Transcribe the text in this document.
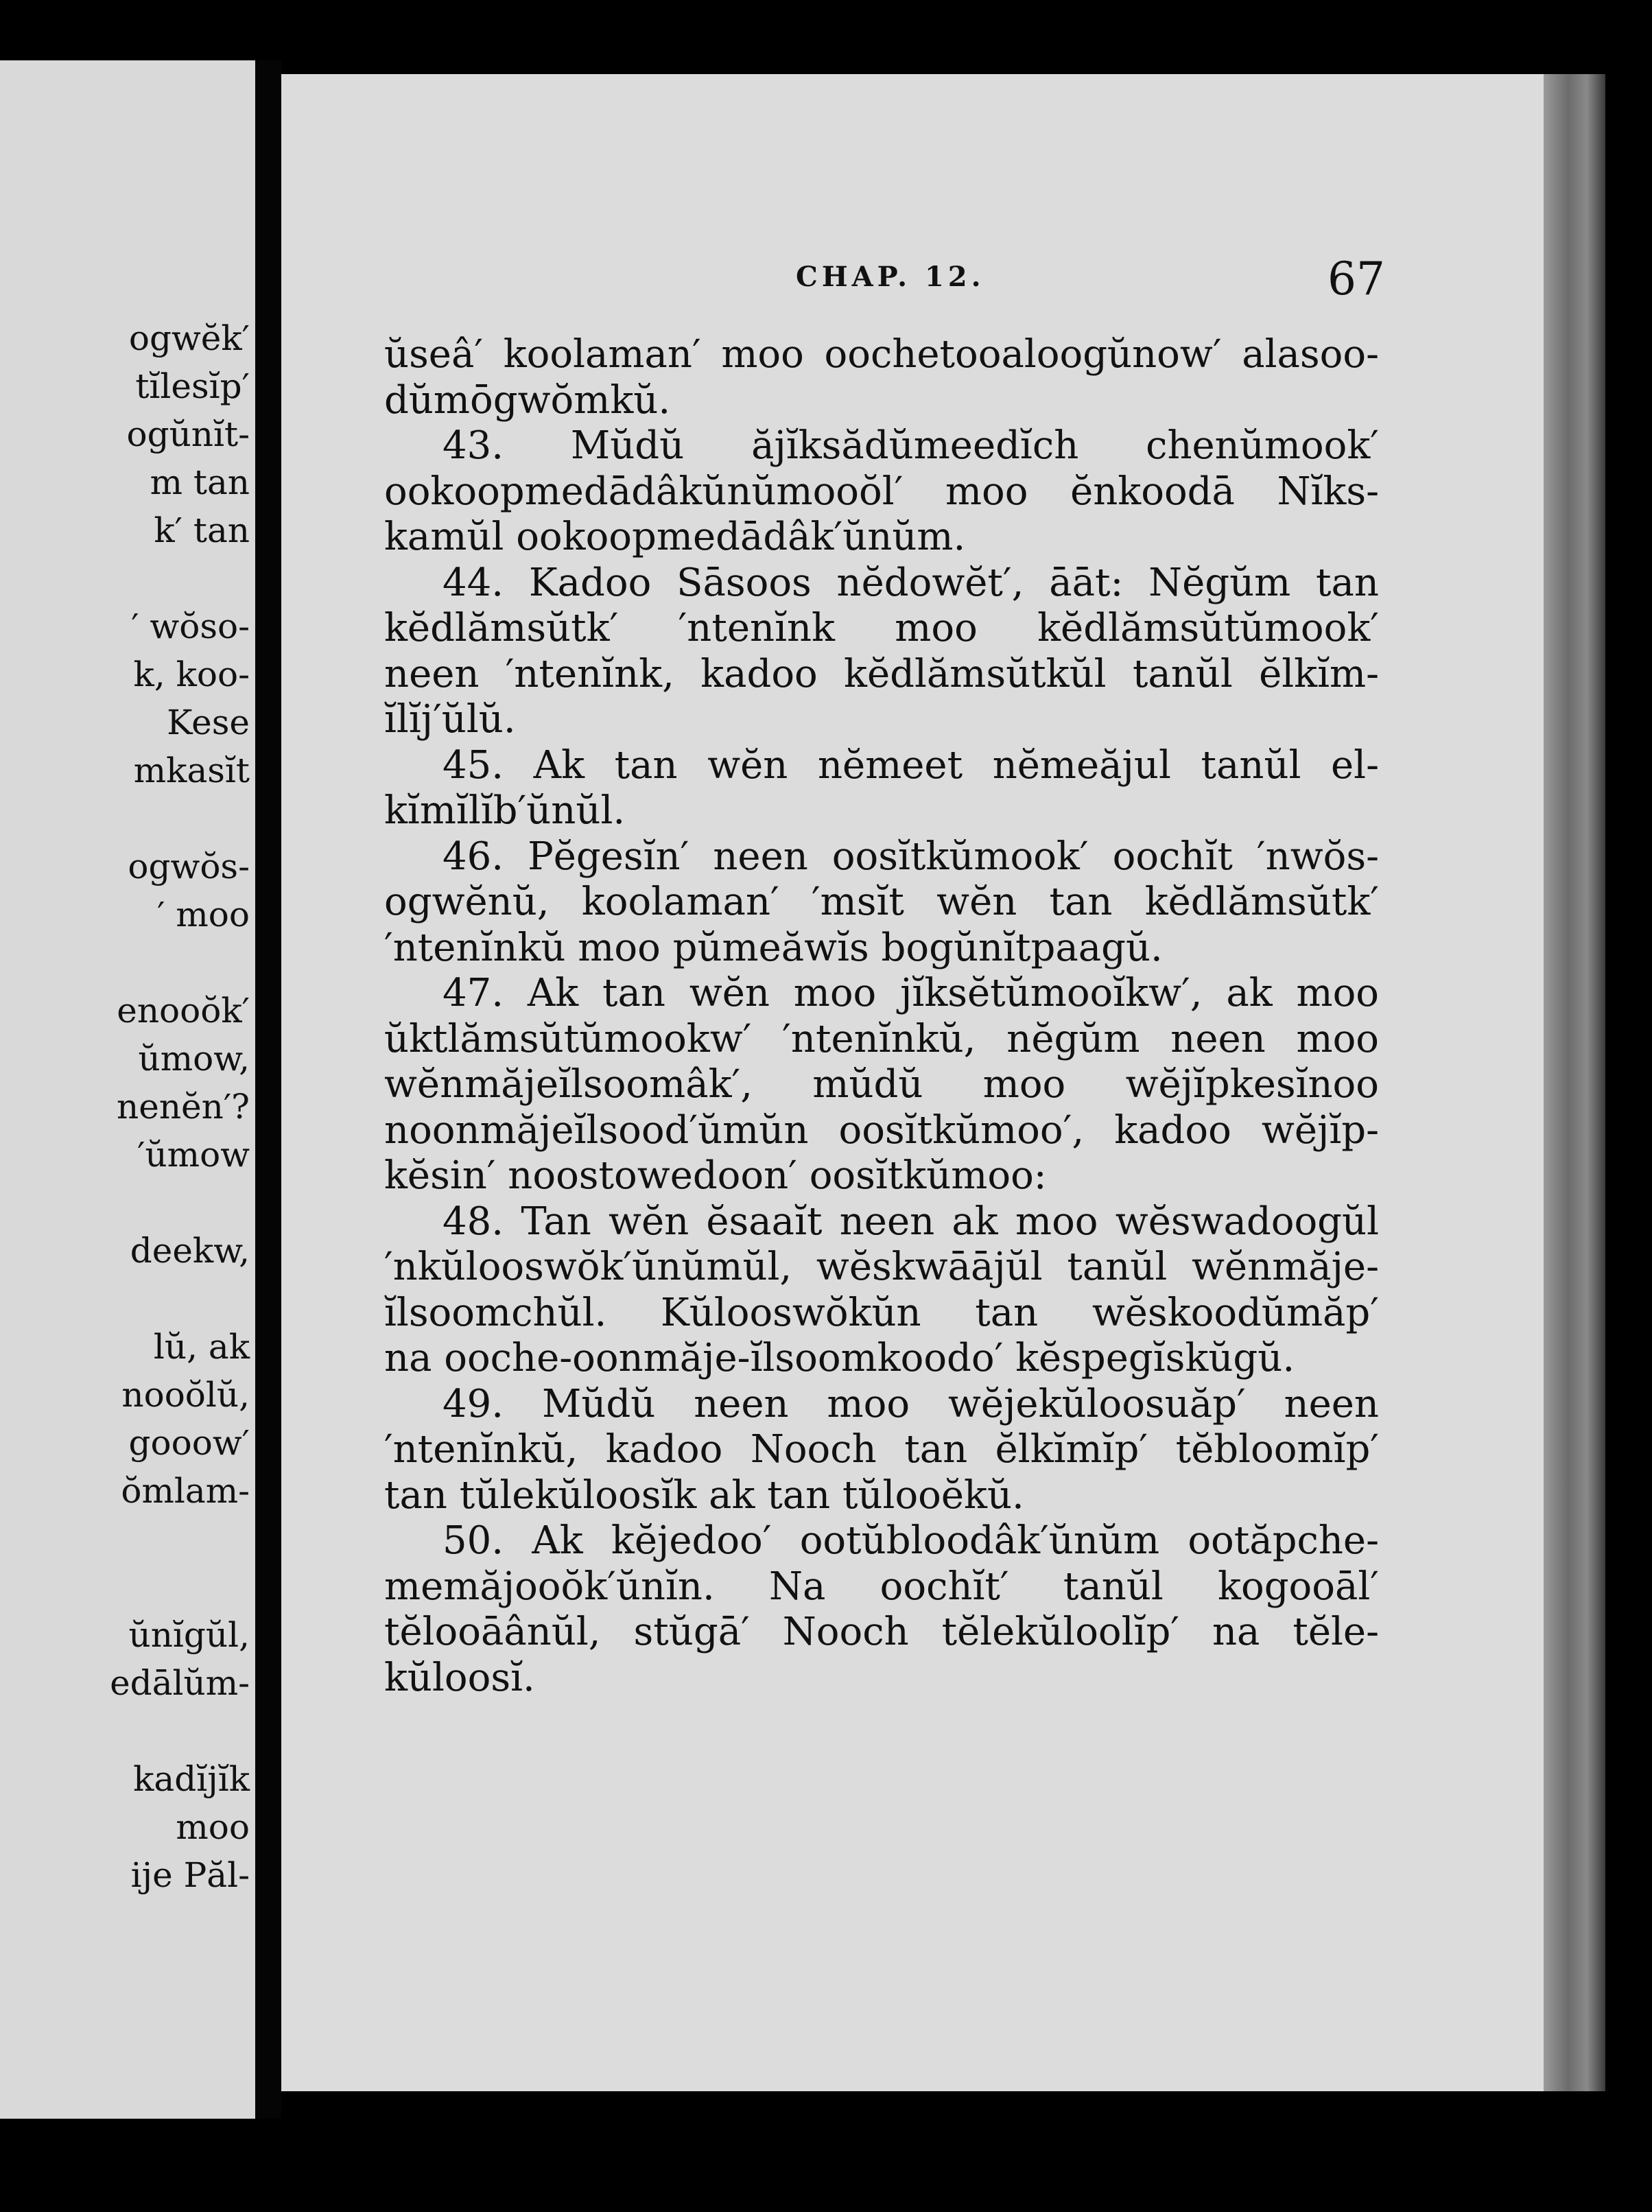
ogwĕk′
tĭlesĭp′
ogŭnĭt-
m tan
k′ tan
′ wŏso-
k, koo-
Kese
mkasĭt
ogwŏs-
′ moo
enooŏk′
ŭmow,
nenĕn′?
′ŭmow
deekw,
lŭ, ak
nooŏlŭ,
gooow′
ŏmlam-
ŭnĭgŭl,
edālŭm-
kadĭjĭk
moo
ije Păl-
CHAP. 12.	67
ŭseâ′ koolaman′ moo oochetooaloogŭnow′ alasoo-
dŭmōgwŏmkŭ.
43. Mŭdŭ ăjĭksădŭmeedĭch chenŭmook′
ookoopmedādâkŭnŭmooŏl′ moo ĕnkoodā Nĭks-
kamŭl ookoopmedādâk′ŭnŭm.
44. Kadoo Sāsoos nĕdowĕt′, āāt: Nĕgŭm tan
kĕdlămsŭtk′ ′ntenĭnk moo kĕdlămsŭtŭmook′
neen ′ntenĭnk, kadoo kĕdlămsŭtkŭl tanŭl ĕlkĭm-
ĭlĭj′ŭlŭ.
45. Ak tan wĕn nĕmeet nĕmeăjul tanŭl el-
kĭmĭlĭb′ŭnŭl.
46. Pĕgesĭn′ neen oosĭtkŭmook′ oochĭt ′nwŏs-
ogwĕnŭ, koolaman′ ′msĭt wĕn tan kĕdlămsŭtk′
′ntenĭnkŭ moo pŭmeăwĭs bogŭnĭtpaagŭ.
47. Ak tan wĕn moo jĭksĕtŭmooĭkw′, ak moo
ŭktlămsŭtŭmookw′ ′ntenĭnkŭ, nĕgŭm neen moo
wĕnmăjeĭlsoomâk′, mŭdŭ moo wĕjĭpkesĭnoo
noonmăjeĭlsood′ŭmŭn oosĭtkŭmoo′, kadoo wĕjĭp-
kĕsin′ noostowedoon′ oosĭtkŭmoo:
48. Tan wĕn ĕsaaĭt neen ak moo wĕswadoogŭl
′nkŭlooswŏk′ŭnŭmŭl, wĕskwāājŭl tanŭl wĕnmăje-
ĭlsoomchŭl. Kŭlooswŏkŭn tan wĕskoodŭmăp′
na ooche-oonmăje-ĭlsoomkoodo′ kĕspegĭskŭgŭ.
49. Mŭdŭ neen moo wĕjekŭloosuăp′ neen
′ntenĭnkŭ, kadoo Nooch tan ĕlkĭmĭp′ tĕbloomĭp′
tan tŭlekŭloosĭk ak tan tŭlooĕkŭ.
50. Ak kĕjedoo′ ootŭbloodâk′ŭnŭm ootăpche-
memăjooŏk′ŭnĭn. Na oochĭt′ tanŭl kogooāl′
tĕlooāânŭl, stŭgā′ Nooch tĕlekŭloolĭp′ na tĕle-
kŭloosĭ.
